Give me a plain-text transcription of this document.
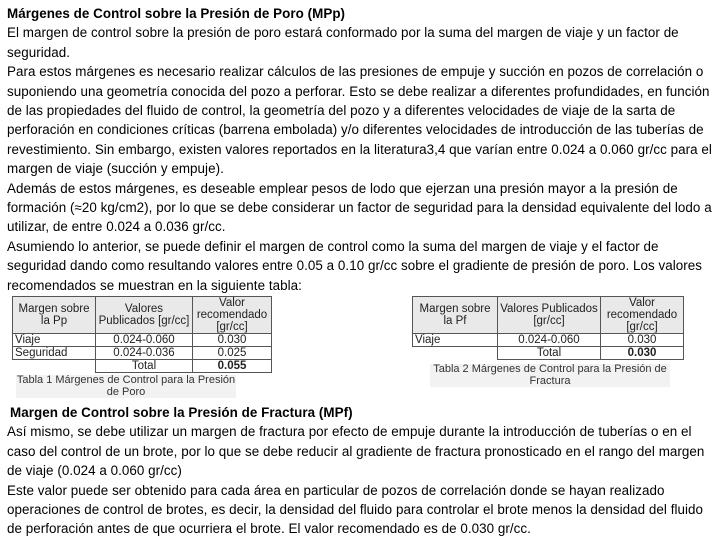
Márgenes de Control sobre la Presión de Poro (MPp)

El margen de control sobre la presión de poro estará conformado por la suma del margen de viaje y un factor de seguridad.

Para estos márgenes es necesario realizar cálculos de las presiones de empuje y succión en pozos de correlación o suponiendo una geometría conocida del pozo a perforar. Esto se debe realizar a diferentes profundidades, en función de las propiedades del fluido de control, la geometría del pozo y a diferentes velocidades de viaje de la sarta de perforación en condiciones críticas (barrena embolada) y/o diferentes velocidades de introducción de las tuberías de revestimiento. Sin embargo, existen valores reportados en la literatura3,4 que varían entre 0.024 a 0.060 gr/cc para el margen de viaje (succión y empuje).

Además de estos márgenes, es deseable emplear pesos de lodo que ejerzan una presión mayor a la presión de formación (≈20 kg/cm2), por lo que se debe considerar un factor de seguridad para la densidad equivalente del lodo a utilizar, de entre 0.024 a 0.036 gr/cc.

Asumiendo lo anterior, se puede definir el margen de control como la suma del margen de viaje y el factor de seguridad dando como resultando valores entre 0.05 a 0.10 gr/cc sobre el gradiente de presión de poro. Los valores recomendados se muestran en la siguiente tabla:

Margen sobre la Pp	Valores Publicados [gr/cc]	Valor recomendado [gr/cc]
Viaje	0.024-0.060	0.030
Seguridad	0.024-0.036	0.025
	Total	0.055
Tabla 1 Márgenes de Control para la Presión de Poro
Margen sobre la Pf	Valores Publicados [gr/cc]	Valor recomendado [gr/cc]
Viaje	0.024-0.060	0.030
	Total	0.030
Tabla 2 Márgenes de Control para la Presión de Fractura

Margen de Control sobre la Presión de Fractura (MPf)

Así mismo, se debe utilizar un margen de fractura por efecto de empuje durante la introducción de tuberías o en el caso del control de un brote, por lo que se debe reducir al gradiente de fractura pronosticado en el rango del margen de viaje (0.024 a 0.060 gr/cc)

Este valor puede ser obtenido para cada área en particular de pozos de correlación donde se hayan realizado operaciones de control de brotes, es decir, la densidad del fluido para controlar el brote menos la densidad del fluido de perforación antes de que ocurriera el brote. El valor recomendado es de 0.030 gr/cc.
